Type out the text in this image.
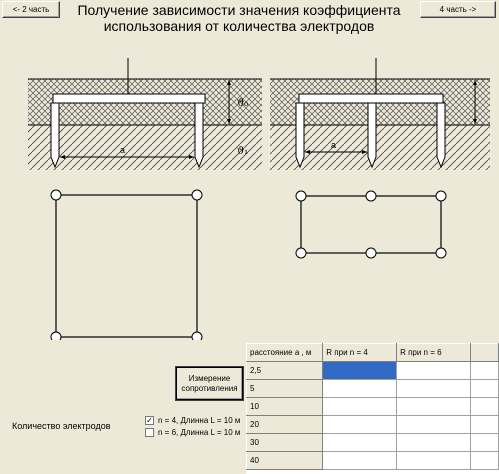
<- 2 часть	Получение зависимости значения коэффициента
использования от количества электродов
4 часть ->
a
ϑ₀
ϑ₁
a
Измерение
сопротивления
Количество электродов
✓ n = 4, Длинна L = 10 м
n = 6, Длинна L = 10 м
расстояние а , м	R при n = 4	R при n = 6	
2,5			
5			
10			
20			
30			
40			
